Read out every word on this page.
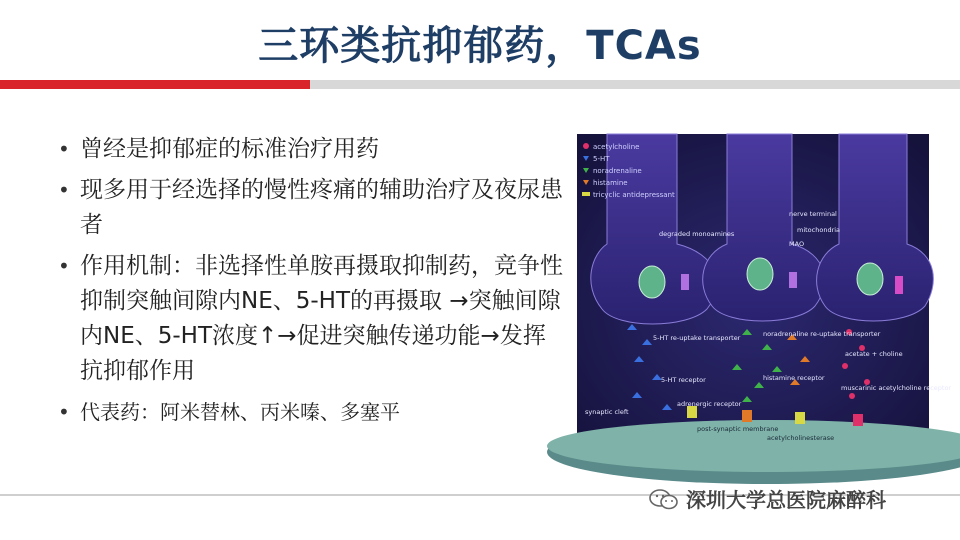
三环类抗抑郁药，TCAs
• 曾经是抑郁症的标准治疗用药
• 现多用于经选择的慢性疼痛的辅助治疗及夜尿患者
• 作用机制：非选择性单胺再摄取抑制药，竞争性抑制突触间隙内NE、5-HT的再摄取 →突触间隙内NE、5-HT浓度↑→促进突触传递功能→发挥抗抑郁作用
• 代表药：阿米替林、丙米嗪、多塞平
acetylcholine
5-HT
noradrenaline
histamine
tricyclic antidepressant
degraded monoamines
nerve terminal
mitochondria
MAO
5-HT re-uptake transporter	noradrenaline re-uptake transporter
acetate + choline
histamine receptor
muscarinic acetylcholine receptor
5-HT receptor
adrenergic receptor
synaptic cleft
post-synaptic membrane
acetylcholinesterase
深圳大学总医院麻醉科
